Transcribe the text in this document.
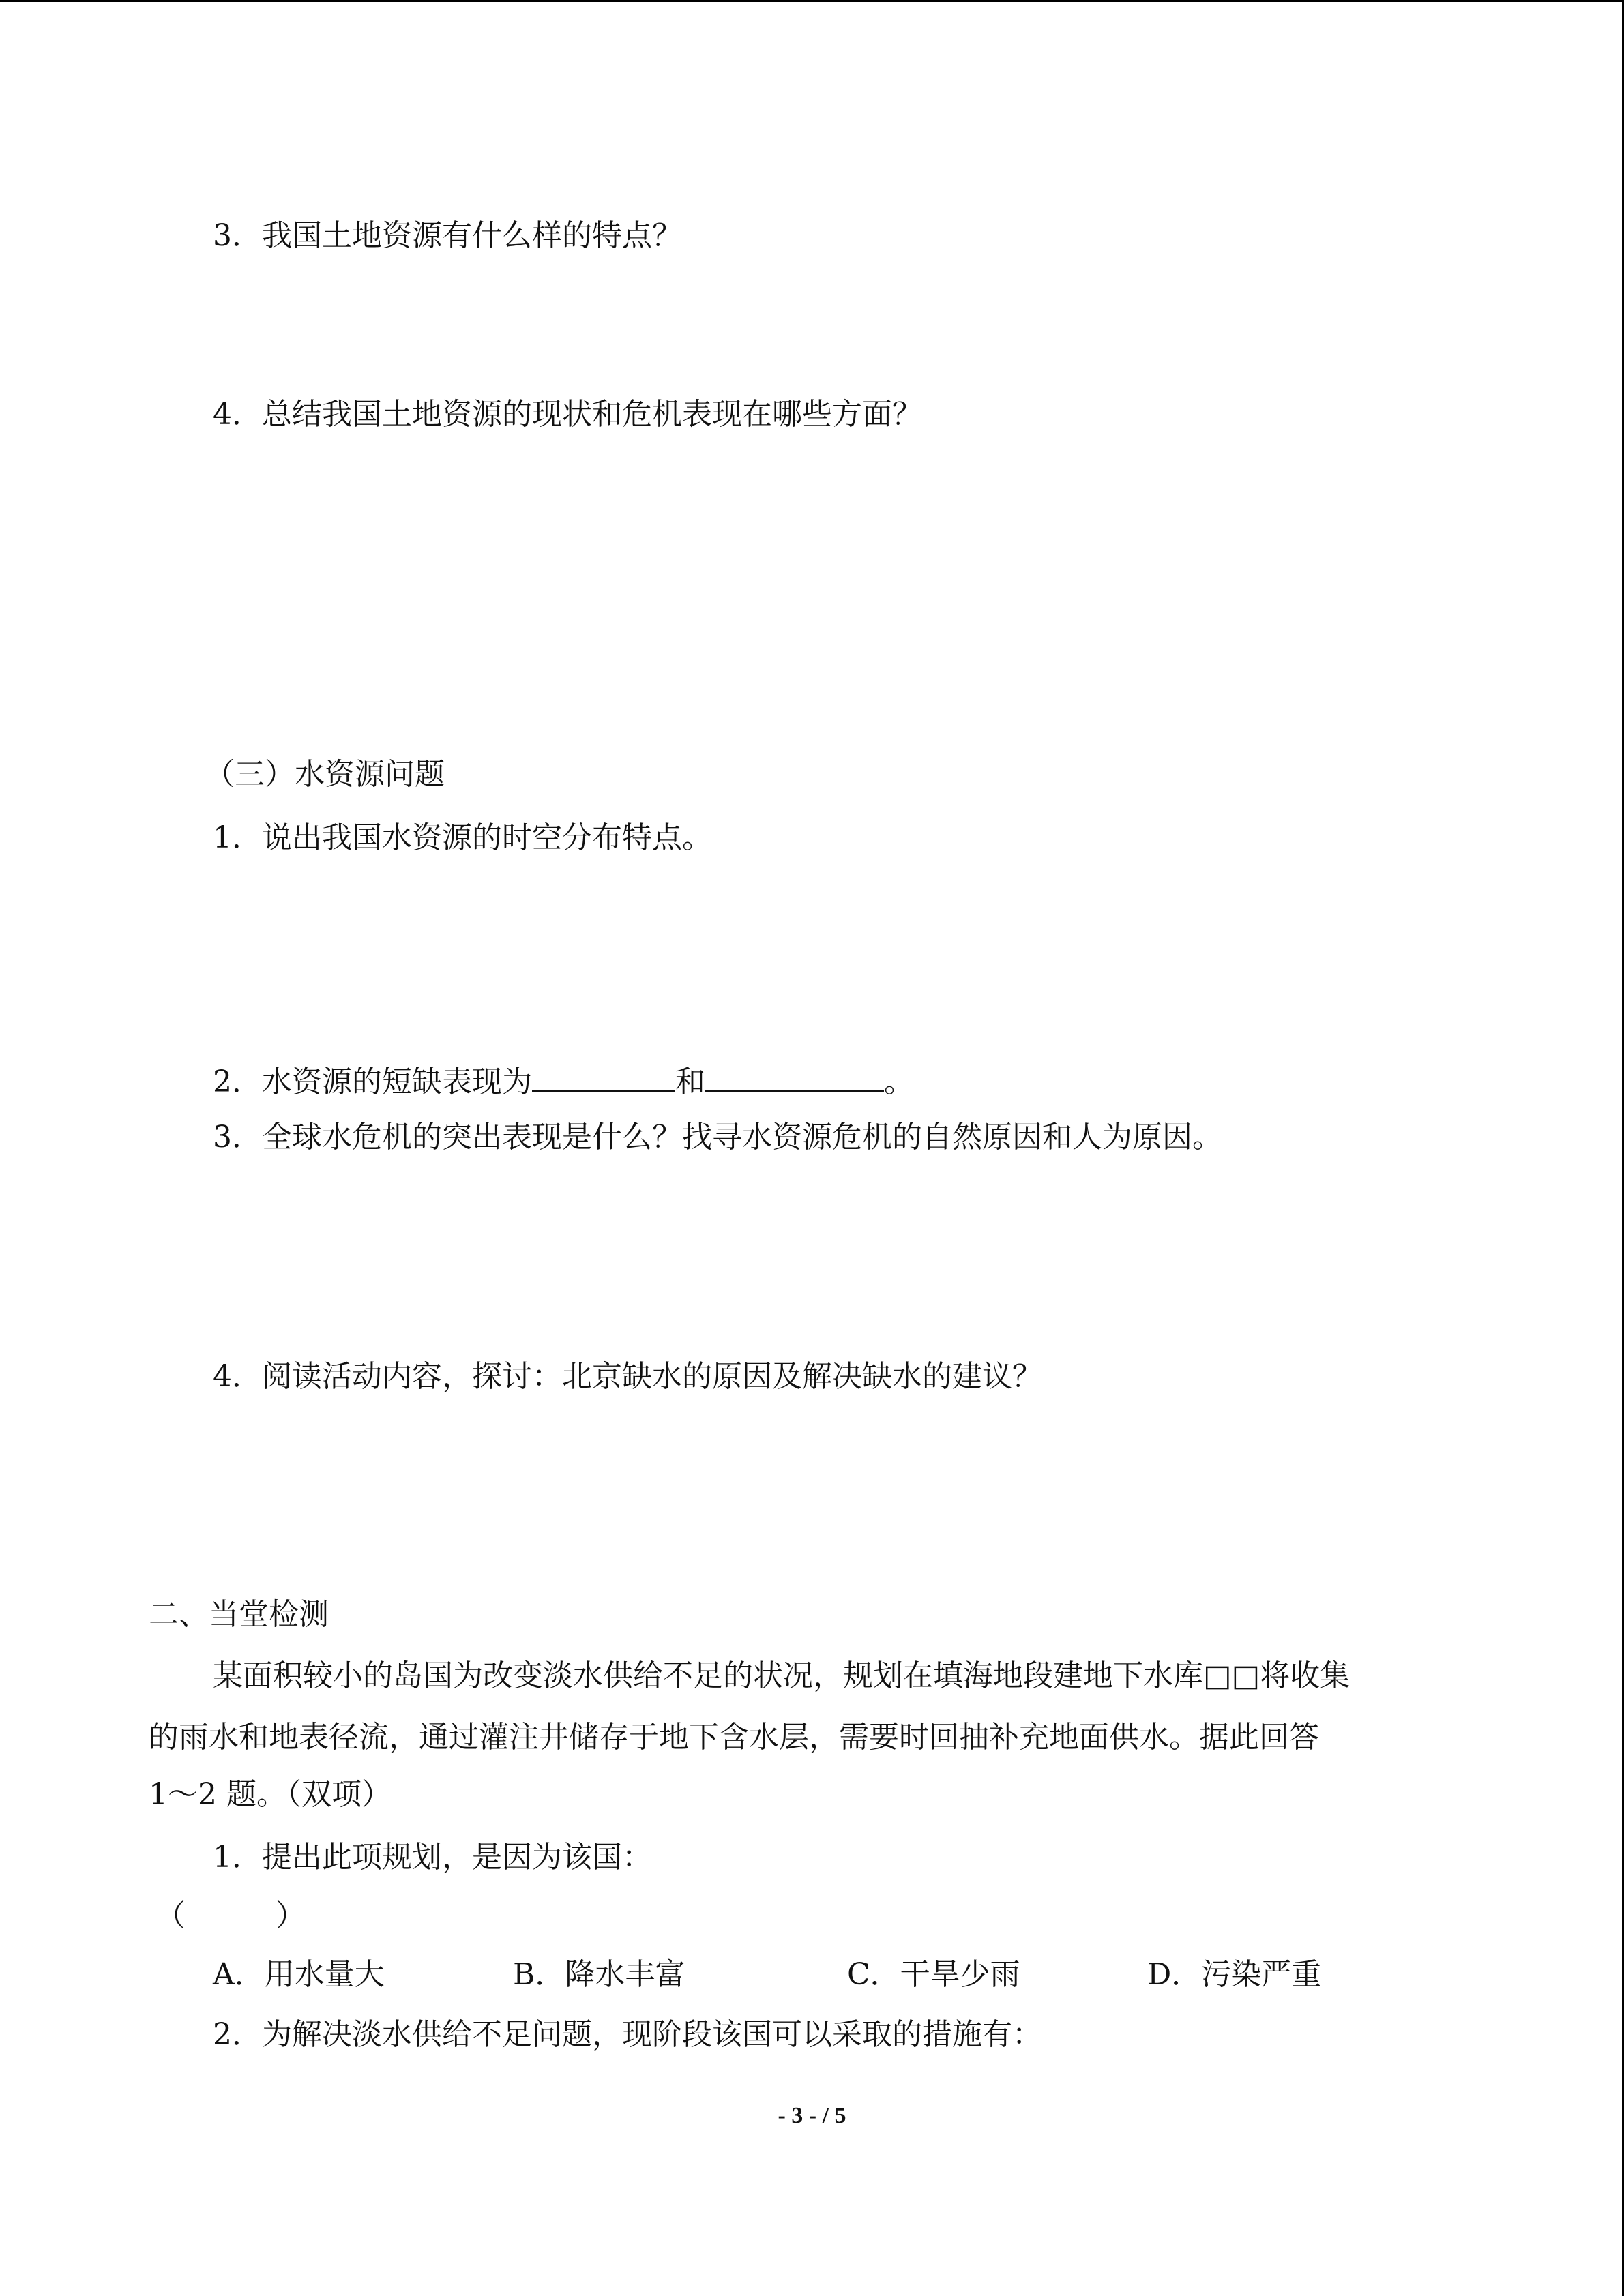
3．我国土地资源有什么样的特点？
4．总结我国土地资源的现状和危机表现在哪些方面？
（三）水资源问题
1．说出我国水资源的时空分布特点。
2．水资源的短缺表现为	和	。
3．全球水危机的突出表现是什么？找寻水资源危机的自然原因和人为原因。
4．阅读活动内容，探讨：北京缺水的原因及解决缺水的建议？
二、当堂检测
某面积较小的岛国为改变淡水供给不足的状况，规划在填海地段建地下水库□□将收集
的雨水和地表径流，通过灌注井储存于地下含水层，需要时回抽补充地面供水。据此回答
1～2 题。（双项）
1．提出此项规划，是因为该国：
（　　　）
A．用水量大	B．降水丰富	C．干旱少雨	D．污染严重
2．为解决淡水供给不足问题，现阶段该国可以采取的措施有：
- 3 - / 5
